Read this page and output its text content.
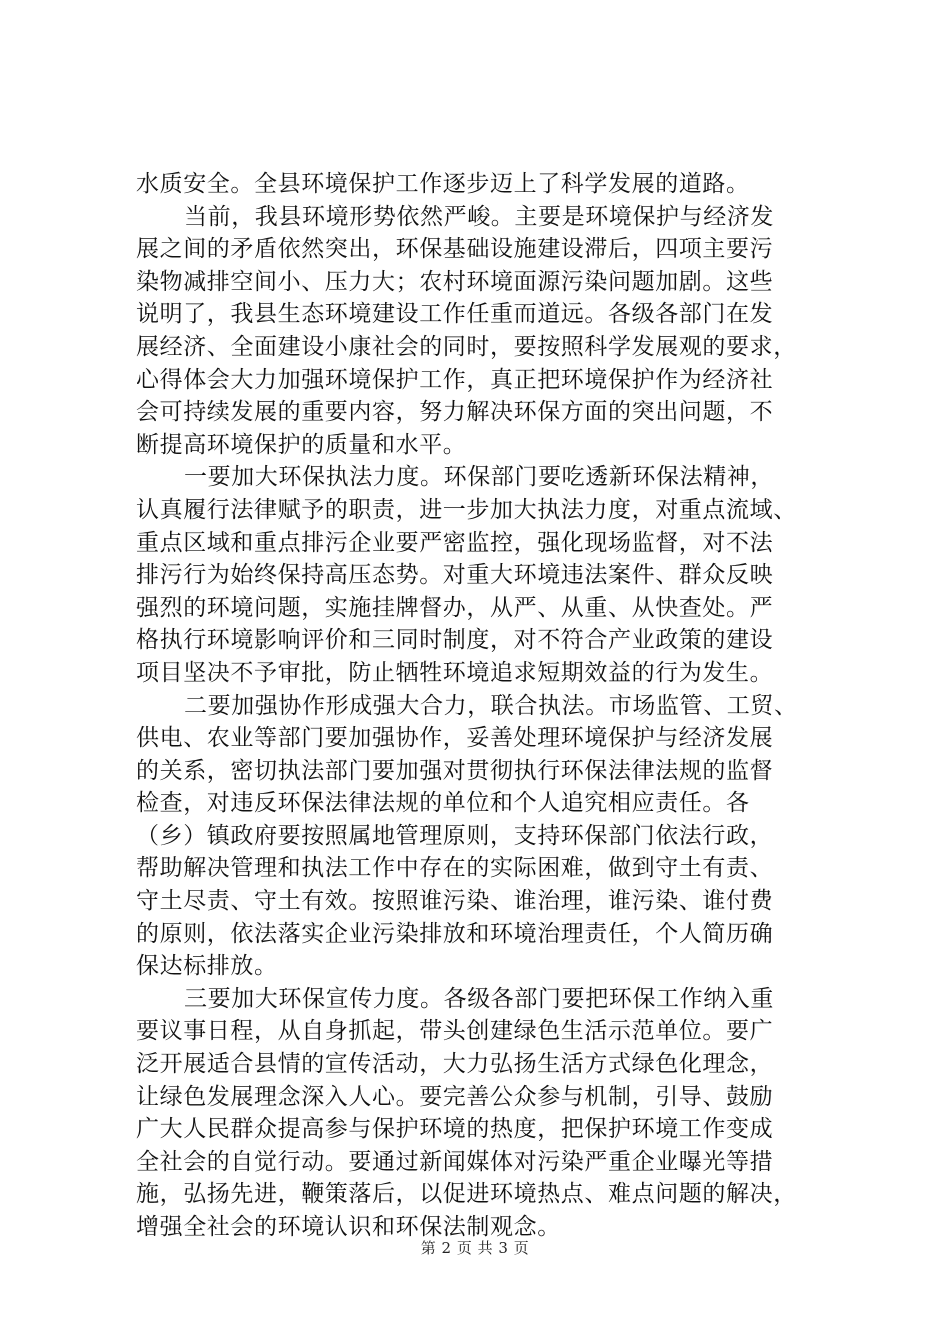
水质安全。全县环境保护工作逐步迈上了科学发展的道路。
当前，我县环境形势依然严峻。主要是环境保护与经济发
展之间的矛盾依然突出，环保基础设施建设滞后，四项主要污
染物减排空间小、压力大；农村环境面源污染问题加剧。这些
说明了，我县生态环境建设工作任重而道远。各级各部门在发
展经济、全面建设小康社会的同时，要按照科学发展观的要求，
心得体会大力加强环境保护工作，真正把环境保护作为经济社
会可持续发展的重要内容，努力解决环保方面的突出问题，不
断提高环境保护的质量和水平。
一要加大环保执法力度。环保部门要吃透新环保法精神，
认真履行法律赋予的职责，进一步加大执法力度，对重点流域、
重点区域和重点排污企业要严密监控，强化现场监督，对不法
排污行为始终保持高压态势。对重大环境违法案件、群众反映
强烈的环境问题，实施挂牌督办，从严、从重、从快查处。严
格执行环境影响评价和三同时制度，对不符合产业政策的建设
项目坚决不予审批，防止牺牲环境追求短期效益的行为发生。
二要加强协作形成强大合力，联合执法。市场监管、工贸、
供电、农业等部门要加强协作，妥善处理环境保护与经济发展
的关系，密切执法部门要加强对贯彻执行环保法律法规的监督
检查，对违反环保法律法规的单位和个人追究相应责任。各
（乡）镇政府要按照属地管理原则，支持环保部门依法行政，
帮助解决管理和执法工作中存在的实际困难，做到守土有责、
守土尽责、守土有效。按照谁污染、谁治理，谁污染、谁付费
的原则，依法落实企业污染排放和环境治理责任，个人简历确
保达标排放。
三要加大环保宣传力度。各级各部门要把环保工作纳入重
要议事日程，从自身抓起，带头创建绿色生活示范单位。要广
泛开展适合县情的宣传活动，大力弘扬生活方式绿色化理念，
让绿色发展理念深入人心。要完善公众参与机制，引导、鼓励
广大人民群众提高参与保护环境的热度，把保护环境工作变成
全社会的自觉行动。要通过新闻媒体对污染严重企业曝光等措
施，弘扬先进，鞭策落后，以促进环境热点、难点问题的解决，
增强全社会的环境认识和环保法制观念。
第 2 页 共 3 页
